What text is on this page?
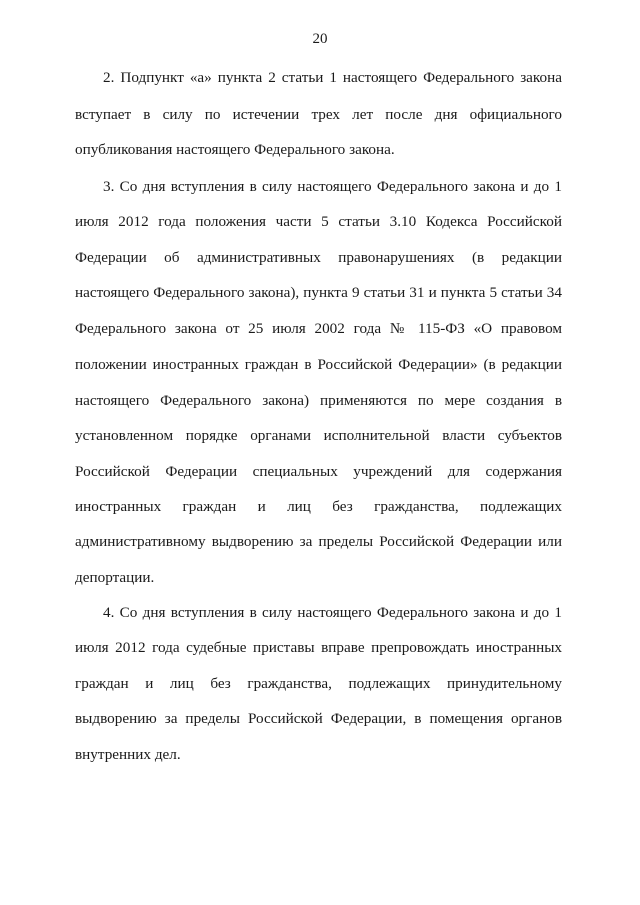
20
2. Подпункт «а» пункта 2 статьи 1 настоящего Федерального закона
вступает в силу по истечении трех лет после дня официального
опубликования настоящего Федерального закона.
3. Со дня вступления в силу настоящего Федерального закона и до 1
июля 2012 года положения части 5 статьи 3.10 Кодекса Российской
Федерации об административных правонарушениях (в редакции
настоящего Федерального закона), пункта 9 статьи 31 и пункта 5 статьи 34
Федерального закона от 25 июля 2002 года № 115-ФЗ «О правовом
положении иностранных граждан в Российской Федерации» (в редакции
настоящего Федерального закона) применяются по мере создания в
установленном порядке органами исполнительной власти субъектов
Российской Федерации специальных учреждений для содержания
иностранных граждан и лиц без гражданства, подлежащих
административному выдворению за пределы Российской Федерации или
депортации.
4. Со дня вступления в силу настоящего Федерального закона и до 1
июля 2012 года судебные приставы вправе препровождать иностранных
граждан и лиц без гражданства, подлежащих принудительному
выдворению за пределы Российской Федерации, в помещения органов
внутренних дел.
